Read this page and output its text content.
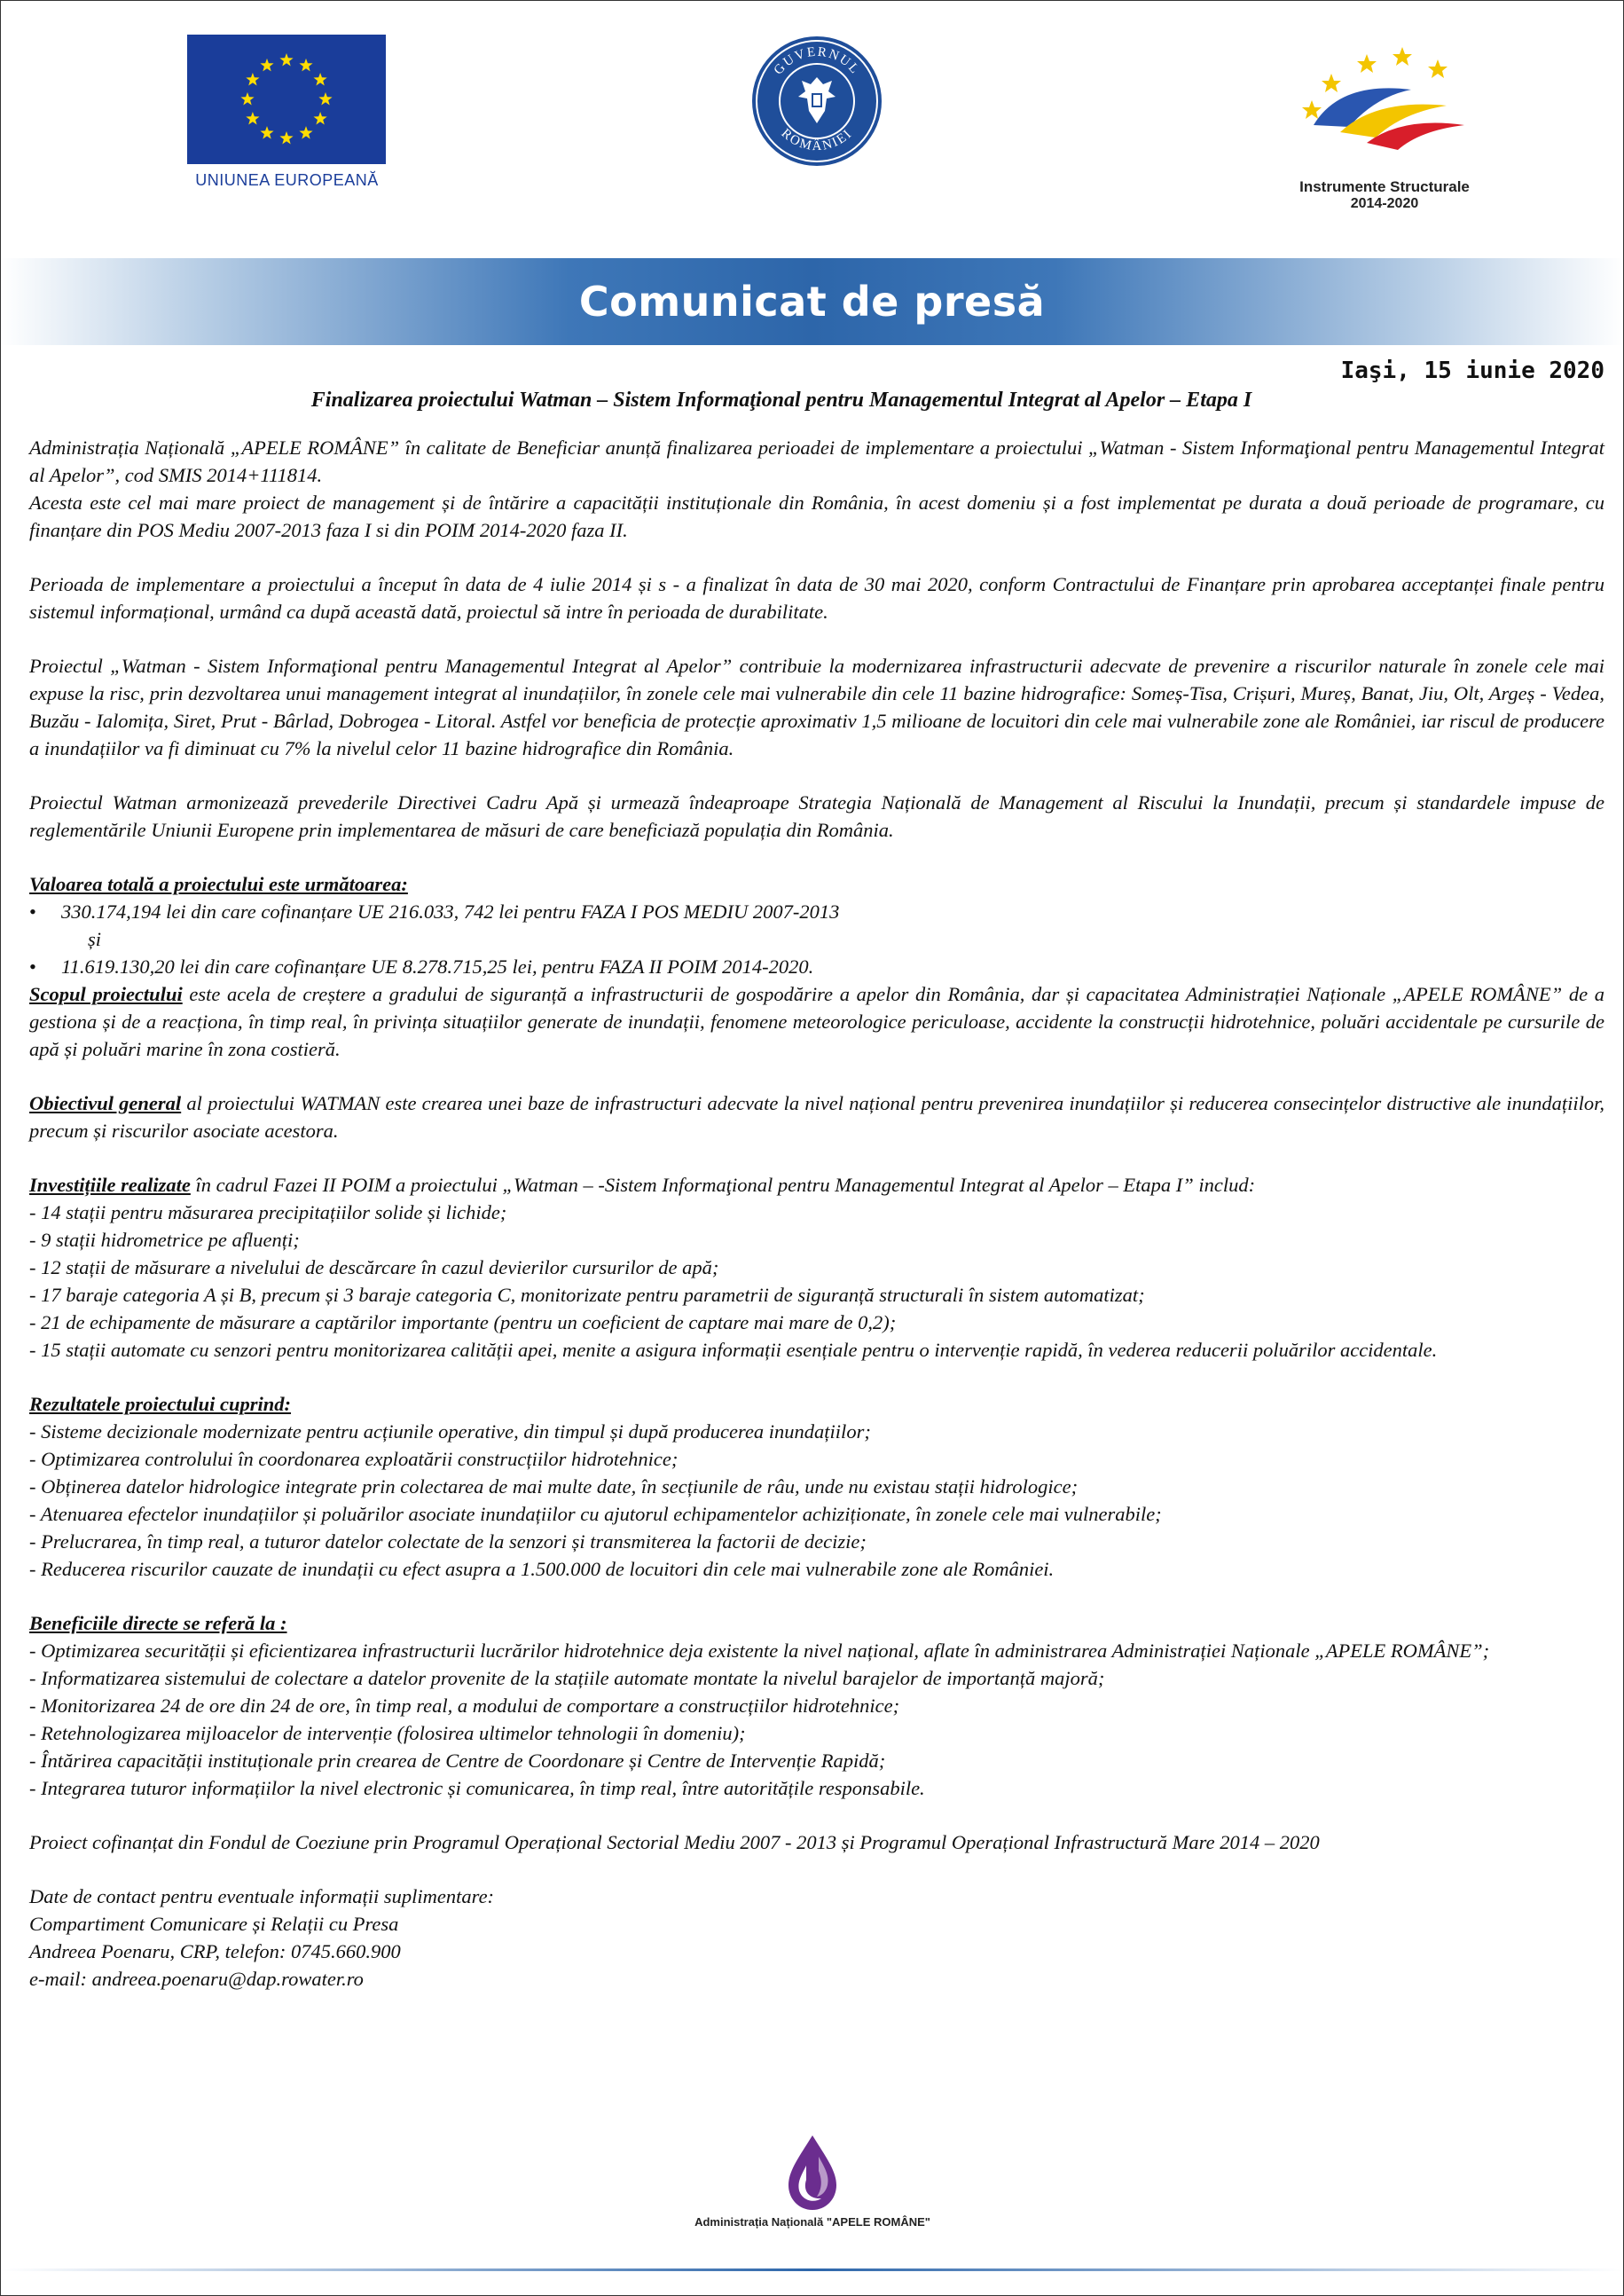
UNIUNEA EUROPEANĂ
GUVERNUL
ROMÂNIEI
Instrumente Structurale
2014-2020
Comunicat de presă
Iaşi, 15 iunie 2020
Finalizarea proiectului Watman – Sistem Informaţional pentru Managementul Integrat al Apelor – Etapa I

Administrația Națională „APELE ROMÂNE” în calitate de Beneficiar anunță finalizarea perioadei de implementare a proiectului „Watman - Sistem Informaţional pentru Managementul Integrat al Apelor”, cod SMIS 2014+111814.
Acesta este cel mai mare proiect de management și de întărire a capacității instituționale din România, în acest domeniu și a fost implementat pe durata a două perioade de programare, cu finanțare din POS Mediu 2007-2013 faza I si din POIM 2014-2020 faza II.

Perioada de implementare a proiectului a început în data de 4 iulie 2014 și s - a finalizat în data de 30 mai 2020, conform Contractului de Finanțare prin aprobarea acceptanței finale pentru sistemul informațional, urmând ca după această dată, proiectul să intre în perioada de durabilitate.

Proiectul „Watman - Sistem Informaţional pentru Managementul Integrat al Apelor” contribuie la modernizarea infrastructurii adecvate de prevenire a riscurilor naturale în zonele cele mai expuse la risc, prin dezvoltarea unui management integrat al inundațiilor, în zonele cele mai vulnerabile din cele 11 bazine hidrografice: Someș-Tisa, Crișuri, Mureș, Banat, Jiu, Olt, Argeș - Vedea, Buzău - Ialomița, Siret, Prut - Bârlad, Dobrogea - Litoral. Astfel vor beneficia de protecție aproximativ 1,5 milioane de locuitori din cele mai vulnerabile zone ale României, iar riscul de producere a inundațiilor va fi diminuat cu 7% la nivelul celor 11 bazine hidrografice din România.

Proiectul Watman armonizează prevederile Directivei Cadru Apă și urmează îndeaproape Strategia Națională de Management al Riscului la Inundații, precum și standardele impuse de reglementările Uniunii Europene prin implementarea de măsuri de care beneficiază populația din România.

Valoarea totală a proiectului este următoarea:
• 330.174,194 lei din care cofinanțare UE 216.033, 742 lei pentru FAZA I POS MEDIU 2007-2013
și
• 11.619.130,20 lei din care cofinanțare UE 8.278.715,25 lei, pentru FAZA II POIM 2014-2020.

Scopul proiectului este acela de creștere a gradului de siguranță a infrastructurii de gospodărire a apelor din România, dar și capacitatea Administrației Naționale „APELE ROMÂNE” de a gestiona și de a reacționa, în timp real, în privința situațiilor generate de inundații, fenomene meteorologice periculoase, accidente la construcții hidrotehnice, poluări accidentale pe cursurile de apă și poluări marine în zona costieră.

Obiectivul general al proiectului WATMAN este crearea unei baze de infrastructuri adecvate la nivel național pentru prevenirea inundațiilor și reducerea consecințelor distructive ale inundațiilor, precum și riscurilor asociate acestora.

Investițiile realizate în cadrul Fazei II POIM a proiectului „Watman – -Sistem Informaţional pentru Managementul Integrat al Apelor – Etapa I” includ:
- 14 stații pentru măsurarea precipitațiilor solide și lichide;
- 9 stații hidrometrice pe afluenți;
- 12 stații de măsurare a nivelului de descărcare în cazul devierilor cursurilor de apă;
- 17 baraje categoria A și B, precum și 3 baraje categoria C, monitorizate pentru parametrii de siguranță structurali în sistem automatizat;
- 21 de echipamente de măsurare a captărilor importante (pentru un coeficient de captare mai mare de 0,2);
- 15 stații automate cu senzori pentru monitorizarea calității apei, menite a asigura informații esențiale pentru o intervenție rapidă, în vederea reducerii poluărilor accidentale.

Rezultatele proiectului cuprind:
- Sisteme decizionale modernizate pentru acțiunile operative, din timpul și după producerea inundațiilor;
- Optimizarea controlului în coordonarea exploatării construcțiilor hidrotehnice;
- Obținerea datelor hidrologice integrate prin colectarea de mai multe date, în secțiunile de râu, unde nu existau stații hidrologice;
- Atenuarea efectelor inundațiilor și poluărilor asociate inundațiilor cu ajutorul echipamentelor achiziționate, în zonele cele mai vulnerabile;
- Prelucrarea, în timp real, a tuturor datelor colectate de la senzori și transmiterea la factorii de decizie;
- Reducerea riscurilor cauzate de inundații cu efect asupra a 1.500.000 de locuitori din cele mai vulnerabile zone ale României.

Beneficiile directe se referă la :
- Optimizarea securității și eficientizarea infrastructurii lucrărilor hidrotehnice deja existente la nivel național, aflate în administrarea Administrației Naționale „APELE ROMÂNE”;
- Informatizarea sistemului de colectare a datelor provenite de la stațiile automate montate la nivelul barajelor de importanță majoră;
- Monitorizarea 24 de ore din 24 de ore, în timp real, a modului de comportare a construcțiilor hidrotehnice;
- Retehnologizarea mijloacelor de intervenție (folosirea ultimelor tehnologii în domeniu);
- Întărirea capacității instituționale prin crearea de Centre de Coordonare și Centre de Intervenție Rapidă;
- Integrarea tuturor informațiilor la nivel electronic și comunicarea, în timp real, între autoritățile responsabile.

Proiect cofinanțat din Fondul de Coeziune prin Programul Operațional Sectorial Mediu 2007 - 2013 și Programul Operațional Infrastructură Mare 2014 – 2020

Date de contact pentru eventuale informații suplimentare:
Compartiment Comunicare și Relații cu Presa
Andreea Poenaru, CRP, telefon: 0745.660.900
e-mail: andreea.poenaru@dap.rowater.ro

Administrația Națională "APELE ROMÂNE"
